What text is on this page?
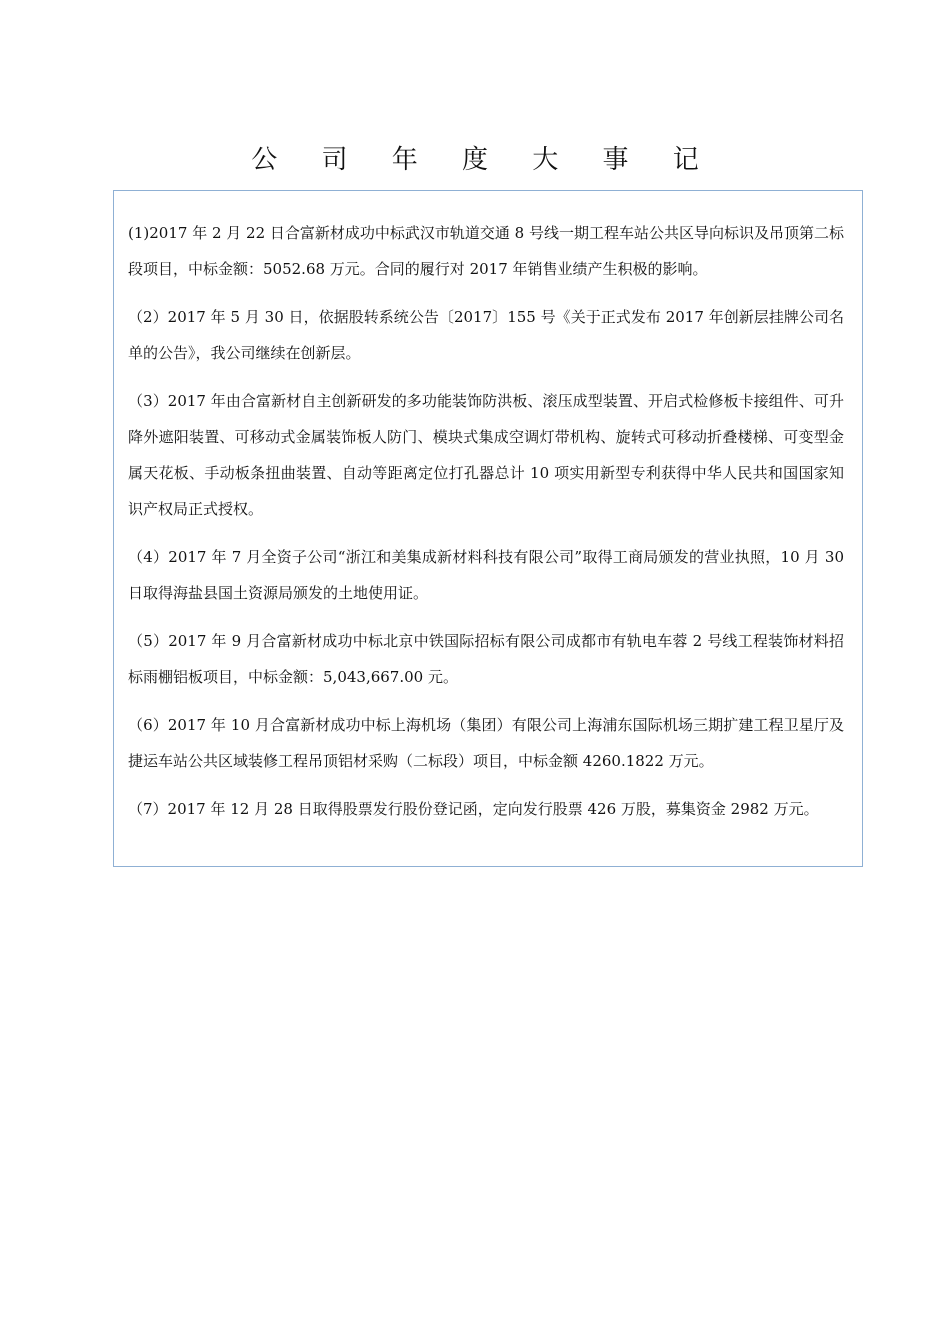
公 司 年 度 大 事 记

(1)2017 年 2 月 22 日合富新材成功中标武汉市轨道交通 8 号线一期工程车站公共区导向标识及吊顶第二标段项目，中标金额：5052.68 万元。合同的履行对 2017 年销售业绩产生积极的影响。

（2）2017 年 5 月 30 日，依据股转系统公告〔2017〕155 号《关于正式发布 2017 年创新层挂牌公司名单的公告》，我公司继续在创新层。

（3）2017 年由合富新材自主创新研发的多功能装饰防洪板、滚压成型装置、开启式检修板卡接组件、可升降外遮阳装置、可移动式金属装饰板人防门、模块式集成空调灯带机构、旋转式可移动折叠楼梯、可变型金属天花板、手动板条扭曲装置、自动等距离定位打孔器总计 10 项实用新型专利获得中华人民共和国国家知识产权局正式授权。

（4）2017 年 7 月全资子公司“浙江和美集成新材料科技有限公司”取得工商局颁发的营业执照，10 月 30 日取得海盐县国土资源局颁发的土地使用证。

（5）2017 年 9 月合富新材成功中标北京中铁国际招标有限公司成都市有轨电车蓉 2 号线工程装饰材料招标雨棚铝板项目，中标金额：5,043,667.00 元。

（6）2017 年 10 月合富新材成功中标上海机场（集团）有限公司上海浦东国际机场三期扩建工程卫星厅及捷运车站公共区域装修工程吊顶铝材采购（二标段）项目，中标金额 4260.1822 万元。

（7）2017 年 12 月 28 日取得股票发行股份登记函，定向发行股票 426 万股，募集资金 2982 万元。
